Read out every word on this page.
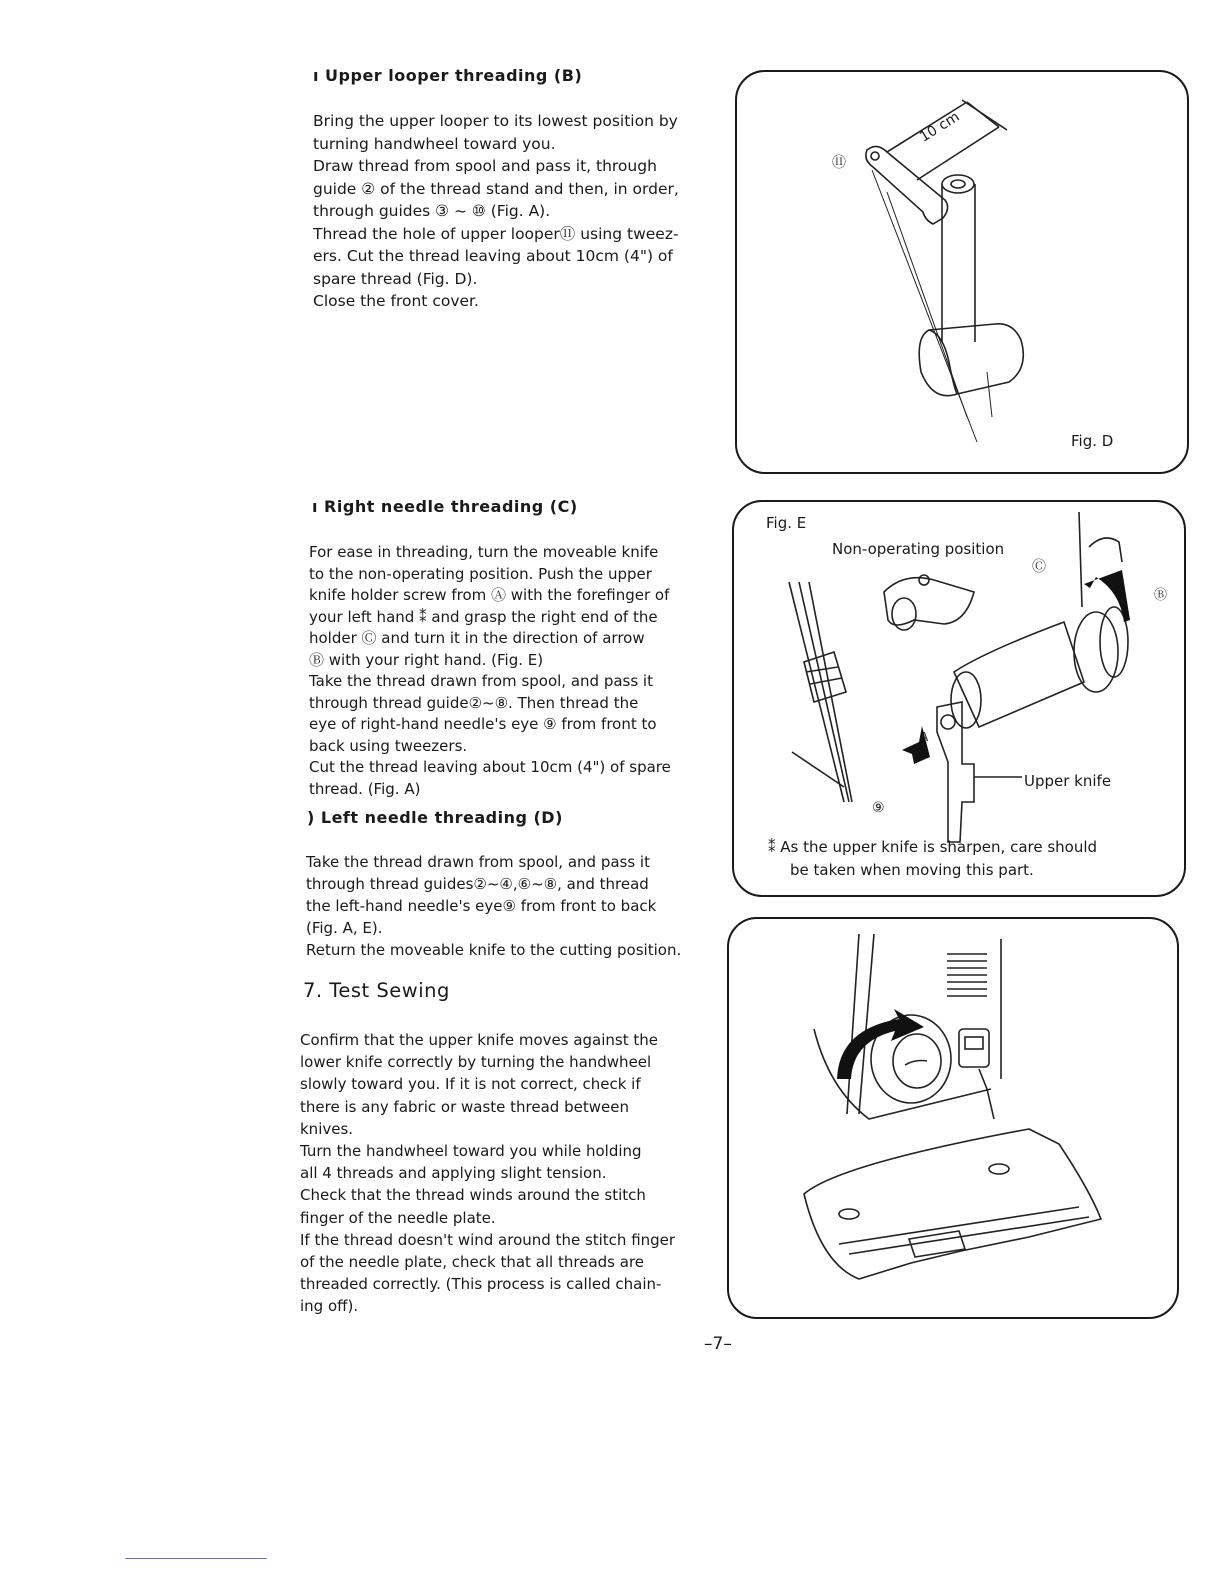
ı Upper looper threading (B)
Bring the upper looper to its lowest position by
turning handwheel toward you.
Draw thread from spool and pass it, through
guide ② of the thread stand and then, in order,
through guides ③ ~ ⑩ (Fig. A).
Thread the hole of upper looper⑪ using tweez-
ers. Cut the thread leaving about 10cm (4") of
spare thread (Fig. D).
Close the front cover.
ı Right needle threading (C)
For ease in threading, turn the moveable knife
to the non-operating position. Push the upper
knife holder screw from Ⓐ with the forefinger of
your left hand ⁑ and grasp the right end of the
holder Ⓒ and turn it in the direction of arrow
Ⓑ with your right hand. (Fig. E)
Take the thread drawn from spool, and pass it
through thread guide②~⑧. Then thread the
eye of right-hand needle's eye ⑨ from front to
back using tweezers.
Cut the thread leaving about 10cm (4") of spare
thread. (Fig. A)
) Left needle threading (D)
Take the thread drawn from spool, and pass it
through thread guides②~④,⑥~⑧, and thread
the left-hand needle's eye⑨ from front to back
(Fig. A, E).
Return the moveable knife to the cutting position.
7. Test Sewing
Confirm that the upper knife moves against the
lower knife correctly by turning the handwheel
slowly toward you. If it is not correct, check if
there is any fabric or waste thread between
knives.
Turn the handwheel toward you while holding
all 4 threads and applying slight tension.
Check that the thread winds around the stitch
finger of the needle plate.
If the thread doesn't wind around the stitch finger
of the needle plate, check that all threads are
threaded correctly. (This process is called chain-
ing off).
⑪
10 cm
Fig. D
Fig. E
Non-operating position
Ⓒ
Ⓑ
A
⑨
Upper knife
⁑ As the upper knife is sharpen, care should
be taken when moving this part.
–7–
